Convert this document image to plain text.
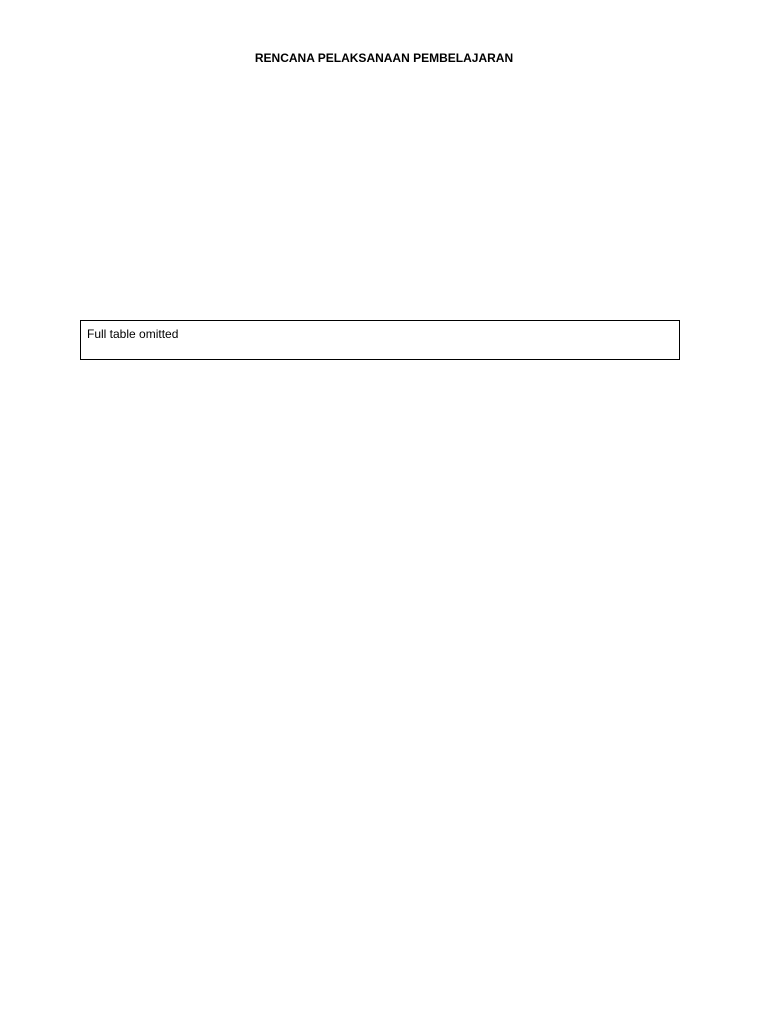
RENCANA PELAKSANAAN PEMBELAJARAN
Full table omitted
